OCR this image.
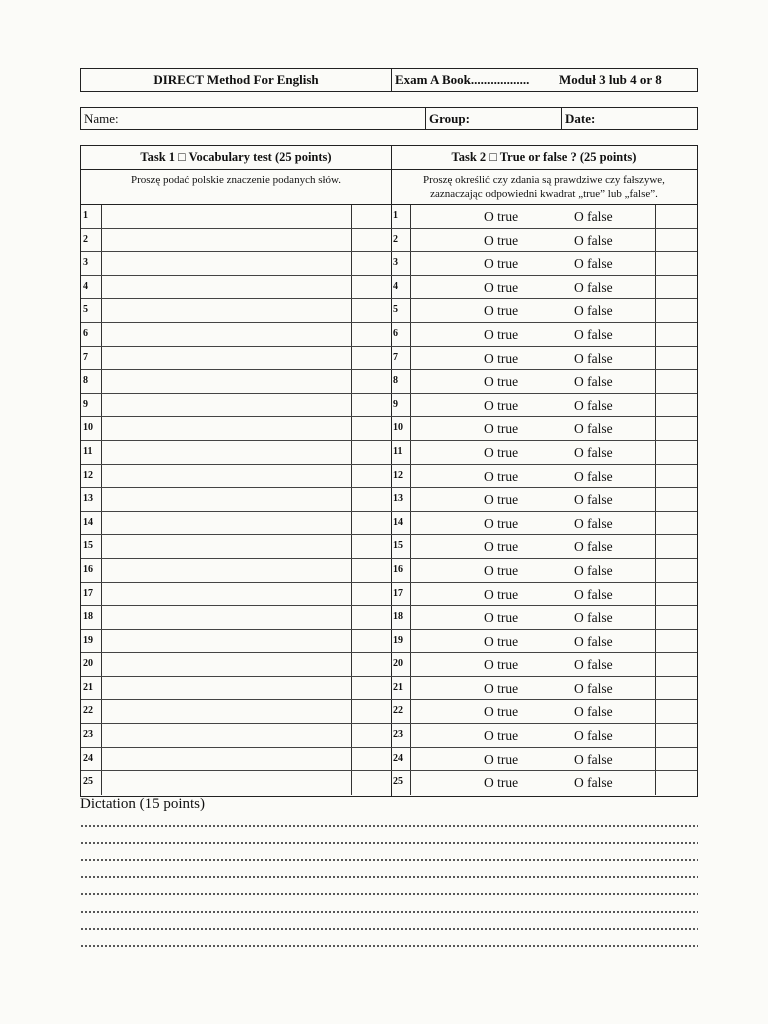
DIRECT Method For English	Exam A Book..................	Moduł 3 lub 4 or 8
Name:	Group:	Date:
Task 1 □ Vocabulary test (25 points)
Proszę podać polskie znaczenie podanych słów.
1
2
3
4
5
6
7
8
9
10
11
12
13
14
15
16
17
18
19
20
21
22
23
24
25
Task 2 □ True or false ? (25 points)
Proszę określić czy zdania są prawdziwe czy fałszywe,
zaznaczając odpowiedni kwadrat „true” lub „false”.
1	O true	O false
2	O true	O false
3	O true	O false
4	O true	O false
5	O true	O false
6	O true	O false
7	O true	O false
8	O true	O false
9	O true	O false
10	O true	O false
11	O true	O false
12	O true	O false
13	O true	O false
14	O true	O false
15	O true	O false
16	O true	O false
17	O true	O false
18	O true	O false
19	O true	O false
20	O true	O false
21	O true	O false
22	O true	O false
23	O true	O false
24	O true	O false
25	O true	O false
Dictation (15 points)
